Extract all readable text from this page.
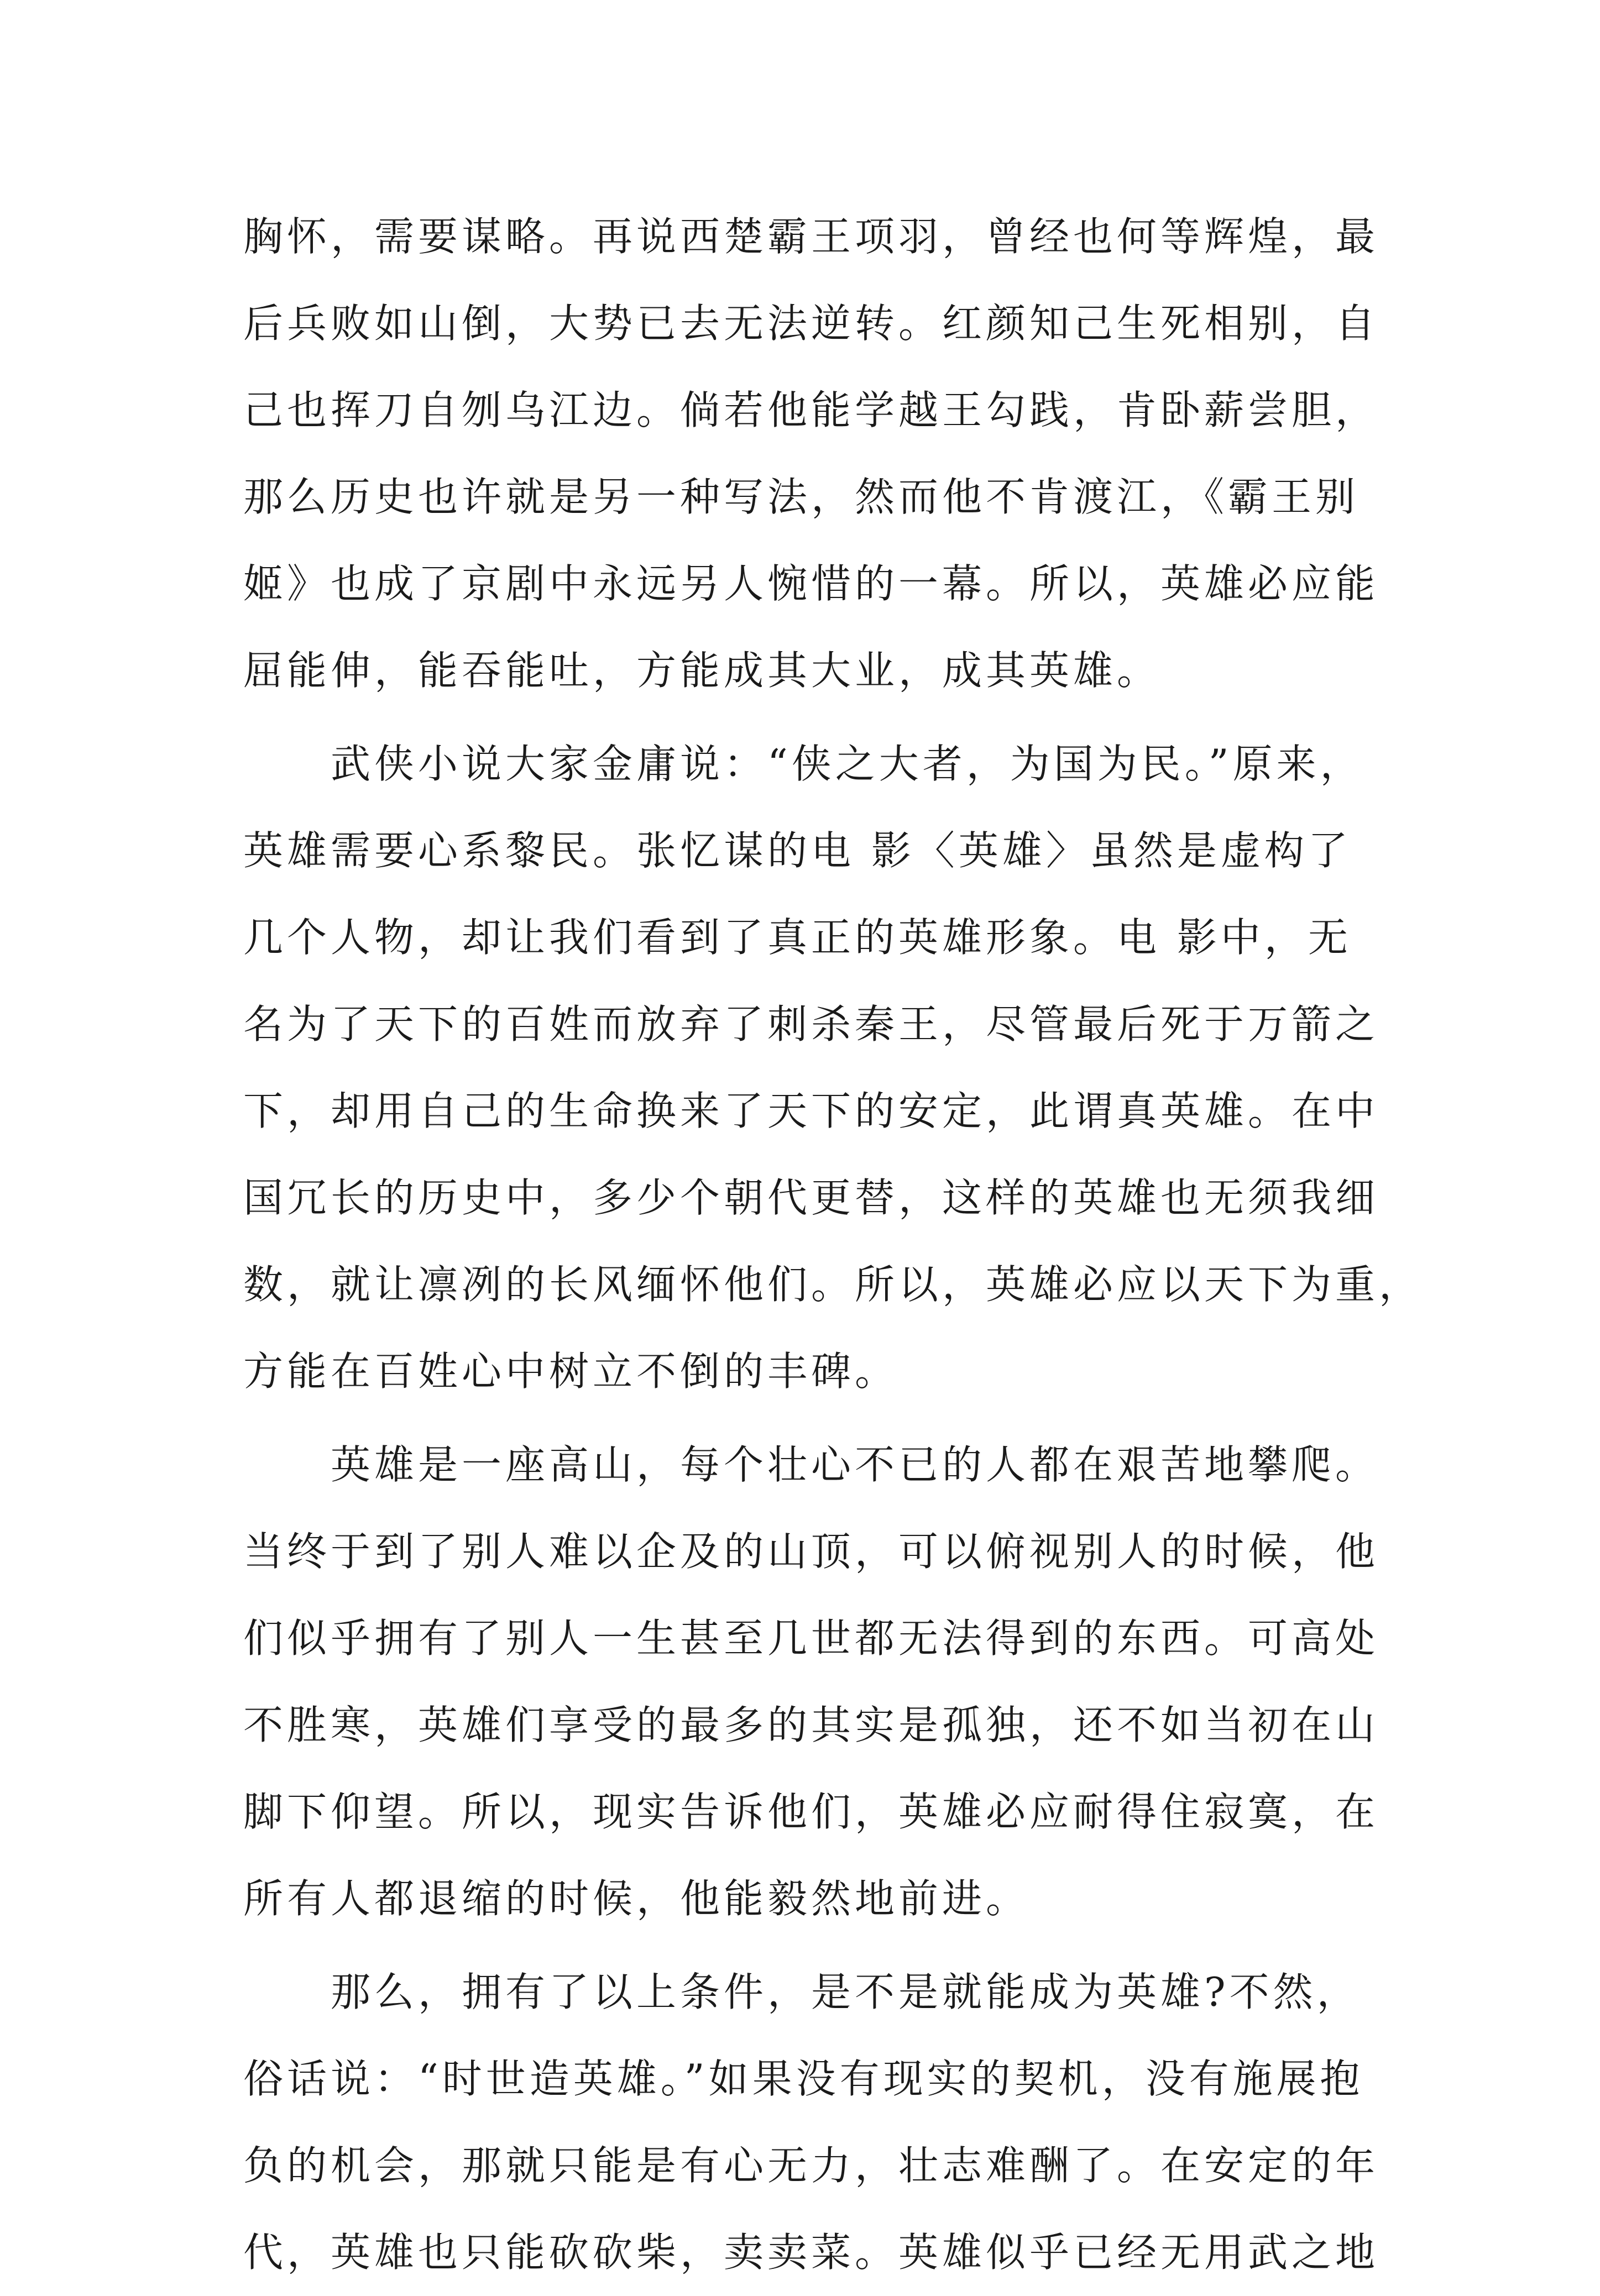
胸怀，需要谋略。再说西楚霸王项羽，曾经也何等辉煌，最
后兵败如山倒，大势已去无法逆转。红颜知己生死相别，自
己也挥刀自刎乌江边。倘若他能学越王勾践，肯卧薪尝胆，
那么历史也许就是另一种写法，然而他不肯渡江，《霸王别
姬》也成了京剧中永远另人惋惜的一幕。所以，英雄必应能
屈能伸，能吞能吐，方能成其大业，成其英雄。
　　武侠小说大家金庸说：“侠之大者，为国为民。”原来，
英雄需要心系黎民。张忆谋的电 影〈英雄〉虽然是虚构了
几个人物，却让我们看到了真正的英雄形象。电 影中，无
名为了天下的百姓而放弃了刺杀秦王，尽管最后死于万箭之
下，却用自己的生命换来了天下的安定，此谓真英雄。在中
国冗长的历史中，多少个朝代更替，这样的英雄也无须我细
数，就让凛冽的长风缅怀他们。所以，英雄必应以天下为重，
方能在百姓心中树立不倒的丰碑。
　　英雄是一座高山，每个壮心不已的人都在艰苦地攀爬。
当终于到了别人难以企及的山顶，可以俯视别人的时候，他
们似乎拥有了别人一生甚至几世都无法得到的东西。可高处
不胜寒，英雄们享受的最多的其实是孤独，还不如当初在山
脚下仰望。所以，现实告诉他们，英雄必应耐得住寂寞，在
所有人都退缩的时候，他能毅然地前进。
　　那么，拥有了以上条件，是不是就能成为英雄?不然，
俗话说：“时世造英雄。”如果没有现实的契机，没有施展抱
负的机会，那就只能是有心无力，壮志难酬了。在安定的年
代，英雄也只能砍砍柴，卖卖菜。英雄似乎已经无用武之地
